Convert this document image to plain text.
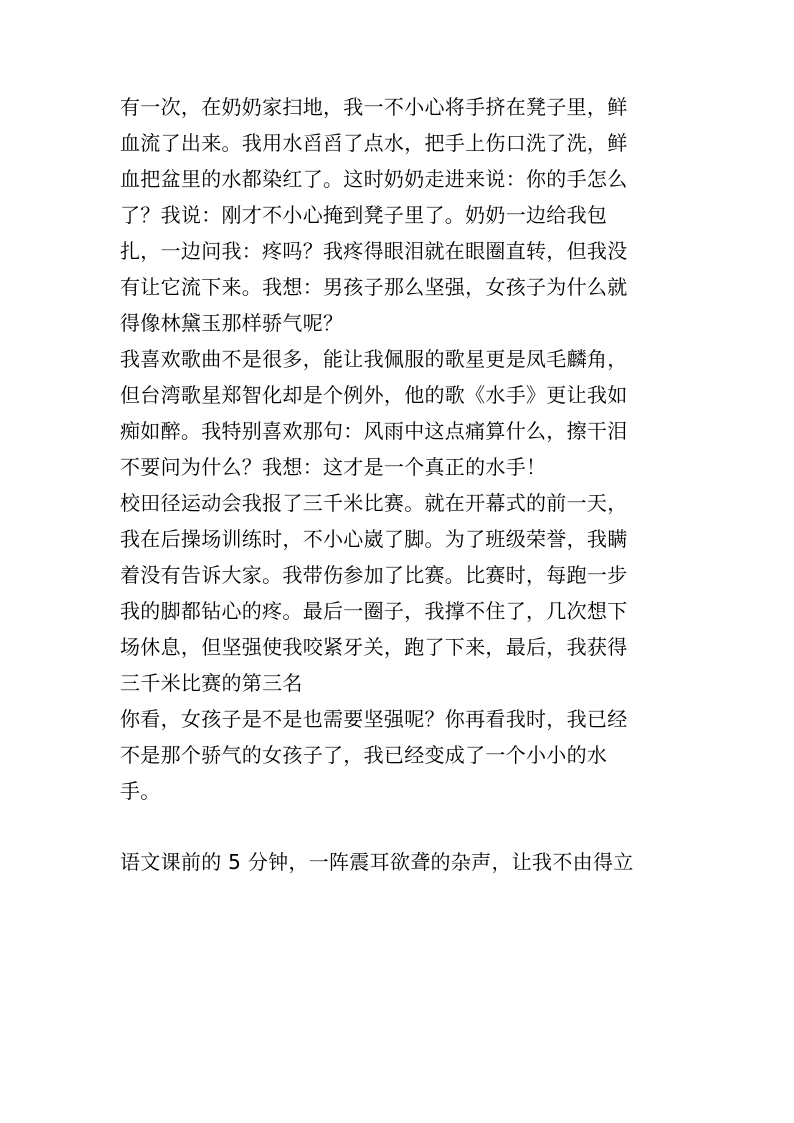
有一次，在奶奶家扫地，我一不小心将手挤在凳子里，鲜
血流了出来。我用水舀舀了点水，把手上伤口洗了洗，鲜
血把盆里的水都染红了。这时奶奶走进来说：你的手怎么
了？我说：刚才不小心掩到凳子里了。奶奶一边给我包
扎，一边问我：疼吗？我疼得眼泪就在眼圈直转，但我没
有让它流下来。我想：男孩子那么坚强，女孩子为什么就
得像林黛玉那样骄气呢？
我喜欢歌曲不是很多，能让我佩服的歌星更是凤毛麟角，
但台湾歌星郑智化却是个例外，他的歌《水手》更让我如
痴如醉。我特别喜欢那句：风雨中这点痛算什么，擦干泪
不要问为什么？我想：这才是一个真正的水手！
校田径运动会我报了三千米比赛。就在开幕式的前一天，
我在后操场训练时，不小心崴了脚。为了班级荣誉，我瞒
着没有告诉大家。我带伤参加了比赛。比赛时，每跑一步
我的脚都钻心的疼。最后一圈子，我撑不住了，几次想下
场休息，但坚强使我咬紧牙关，跑了下来，最后，我获得
三千米比赛的第三名
你看，女孩子是不是也需要坚强呢？你再看我时，我已经
不是那个骄气的女孩子了，我已经变成了一个小小的水
手。
语文课前的 5 分钟，一阵震耳欲聋的杂声，让我不由得立
